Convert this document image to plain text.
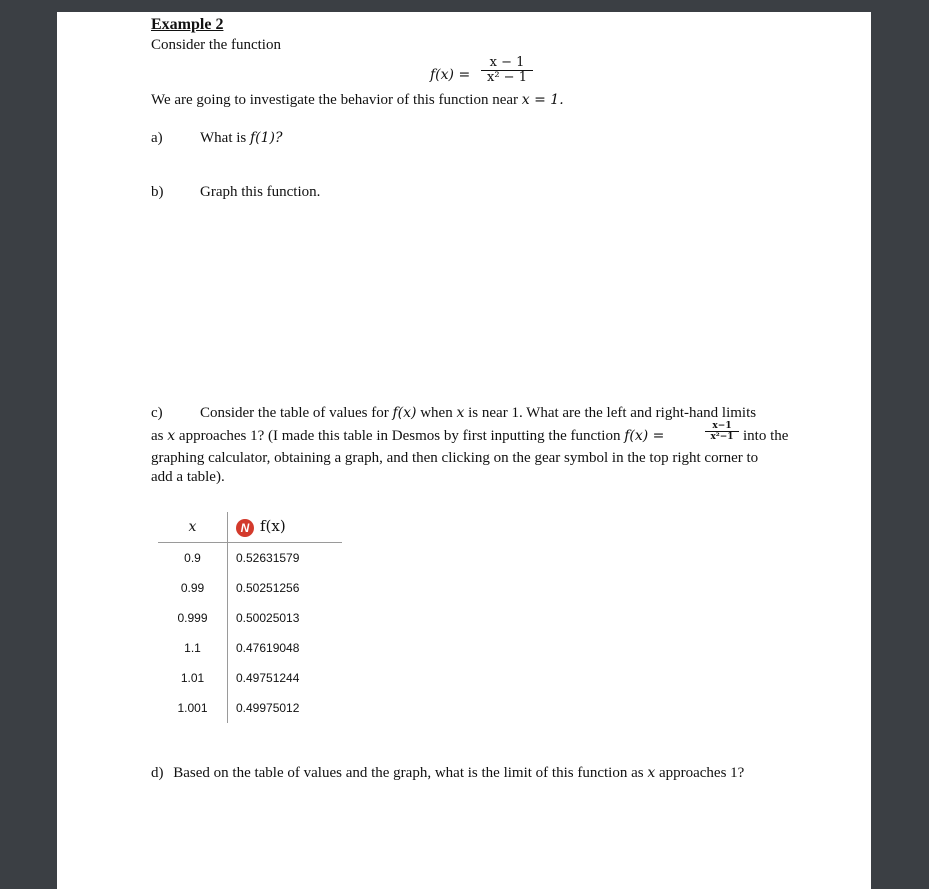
Example 2
Consider the function
f(x) =
x − 1
x² − 1
We are going to investigate the behavior of this function near x = 1.
a) What is f(1)?
b) Graph this function.
c) Consider the table of values for f(x) when x is near 1. What are the left and right-hand limits
as x approaches 1? (I made this table in Desmos by first inputting the function f(x) =
x−1
x²−1 into the
graphing calculator, obtaining a graph, and then clicking on the gear symbol in the top right corner to
add a table).
x	N f(x)
0.9	0.52631579
0.99	0.50251256
0.999	0.50025013
1.1	0.47619048
1.01	0.49751244
1.001	0.49975012
d) Based on the table of values and the graph, what is the limit of this function as x approaches 1?
